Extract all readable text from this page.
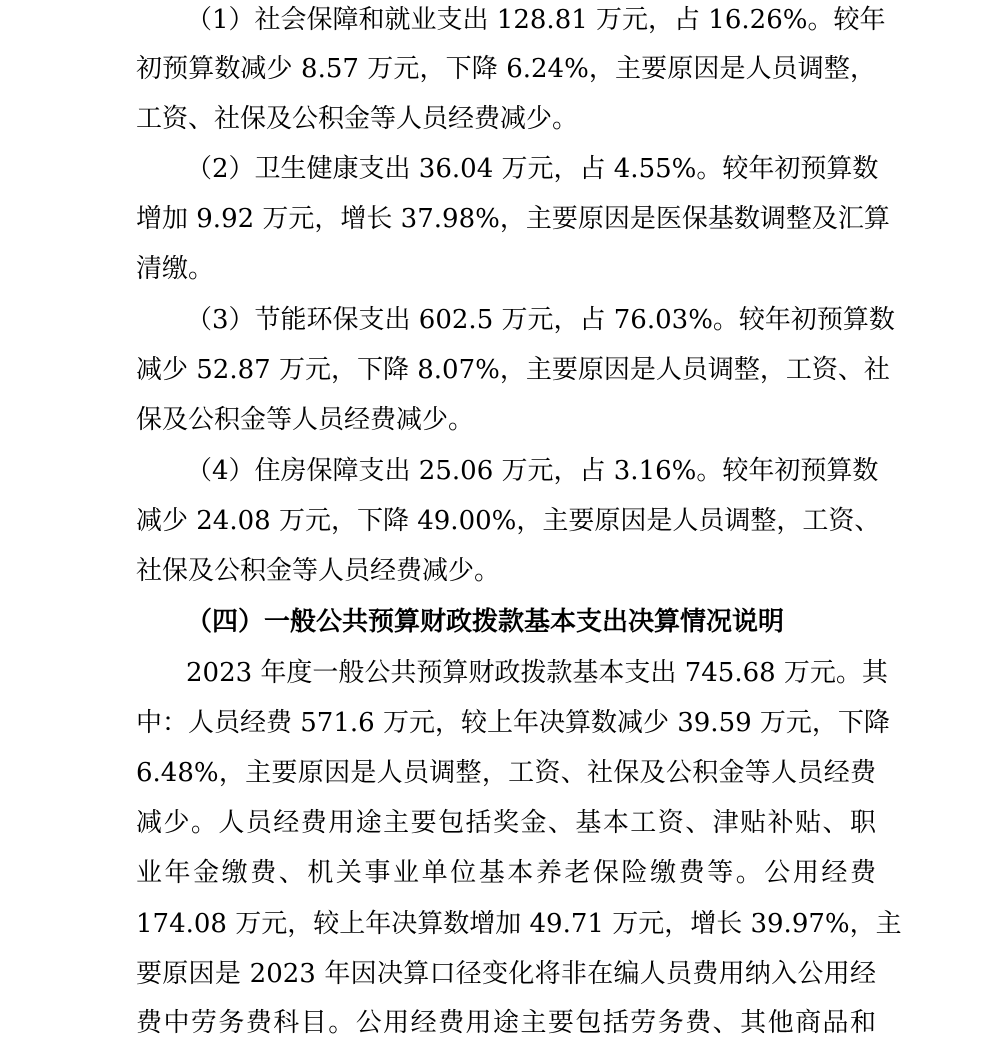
（1）社会保障和就业支出 128.81 万元，占 16.26%。较年
初预算数减少 8.57 万元，下降 6.24%，主要原因是人员调整，
工资、社保及公积金等人员经费减少。
（2）卫生健康支出 36.04 万元，占 4.55%。较年初预算数
增加 9.92 万元，增长 37.98%，主要原因是医保基数调整及汇算
清缴。
（3）节能环保支出 602.5 万元，占 76.03%。较年初预算数
减少 52.87 万元，下降 8.07%，主要原因是人员调整，工资、社
保及公积金等人员经费减少。
（4）住房保障支出 25.06 万元，占 3.16%。较年初预算数
减少 24.08 万元，下降 49.00%，主要原因是人员调整，工资、
社保及公积金等人员经费减少。
（四）一般公共预算财政拨款基本支出决算情况说明
2023 年度一般公共预算财政拨款基本支出 745.68 万元。其
中：人员经费 571.6 万元，较上年决算数减少 39.59 万元，下降
6.48%，主要原因是人员调整，工资、社保及公积金等人员经费
减少。人员经费用途主要包括奖金、基本工资、津贴补贴、职
业年金缴费、机关事业单位基本养老保险缴费等。公用经费
174.08 万元，较上年决算数增加 49.71 万元，增长 39.97%，主
要原因是 2023 年因决算口径变化将非在编人员费用纳入公用经
费中劳务费科目。公用经费用途主要包括劳务费、其他商品和
